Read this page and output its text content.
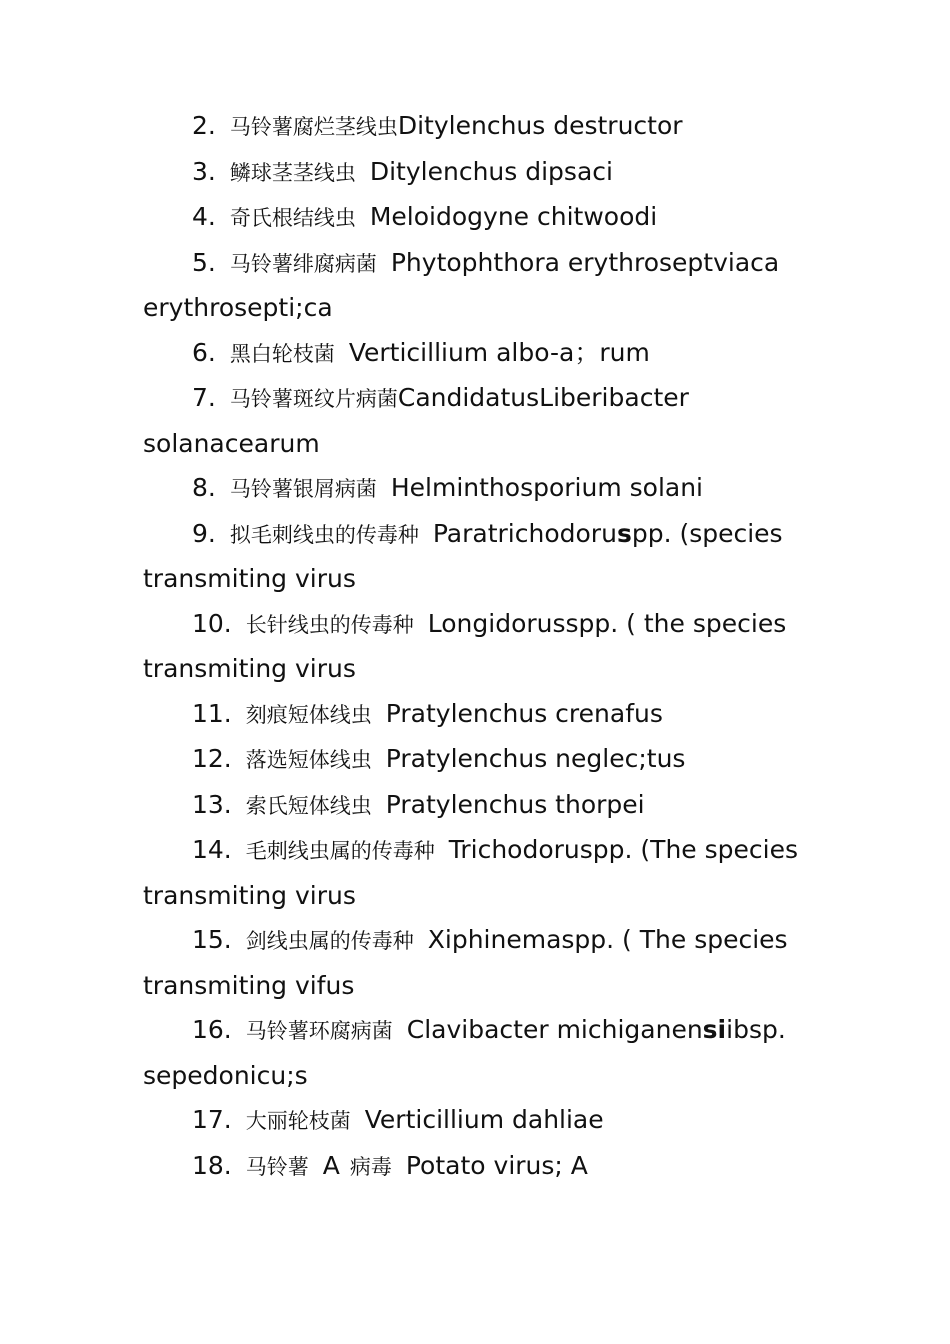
2. 马铃薯腐烂茎线虫Ditylenchus destructor

3. 鳞球茎茎线虫 Ditylenchus dipsaci

4. 奇氏根结线虫 Meloidogyne chitwoodi

5. 马铃薯绯腐病菌 Phytophthora erythroseptviaca erythrosepti;ca

6. 黑白轮枝菌 Verticillium albo-a；rum

7. 马铃薯斑纹片病菌CandidatusLiberibacter solanacearum

8. 马铃薯银屑病菌 Helminthosporium solani

9. 拟毛刺线虫的传毒种 Paratrichodoruspp. (species transmiting virus

10. 长针线虫的传毒种 Longidorusspp. ( the species transmiting virus

11. 刻痕短体线虫 Pratylenchus crenafus

12. 落选短体线虫 Pratylenchus neglec;tus

13. 索氏短体线虫 Pratylenchus thorpei

14. 毛刺线虫属的传毒种 Trichodoruspp. (The species transmiting virus

15. 剑线虫属的传毒种 Xiphinemaspp. ( The species transmiting vifus

16. 马铃薯环腐病菌 Clavibacter michiganensiibsp. sepedonicu;s

17. 大丽轮枝菌 Verticillium dahliae

18. 马铃薯 A 病毒 Potato virus; A
